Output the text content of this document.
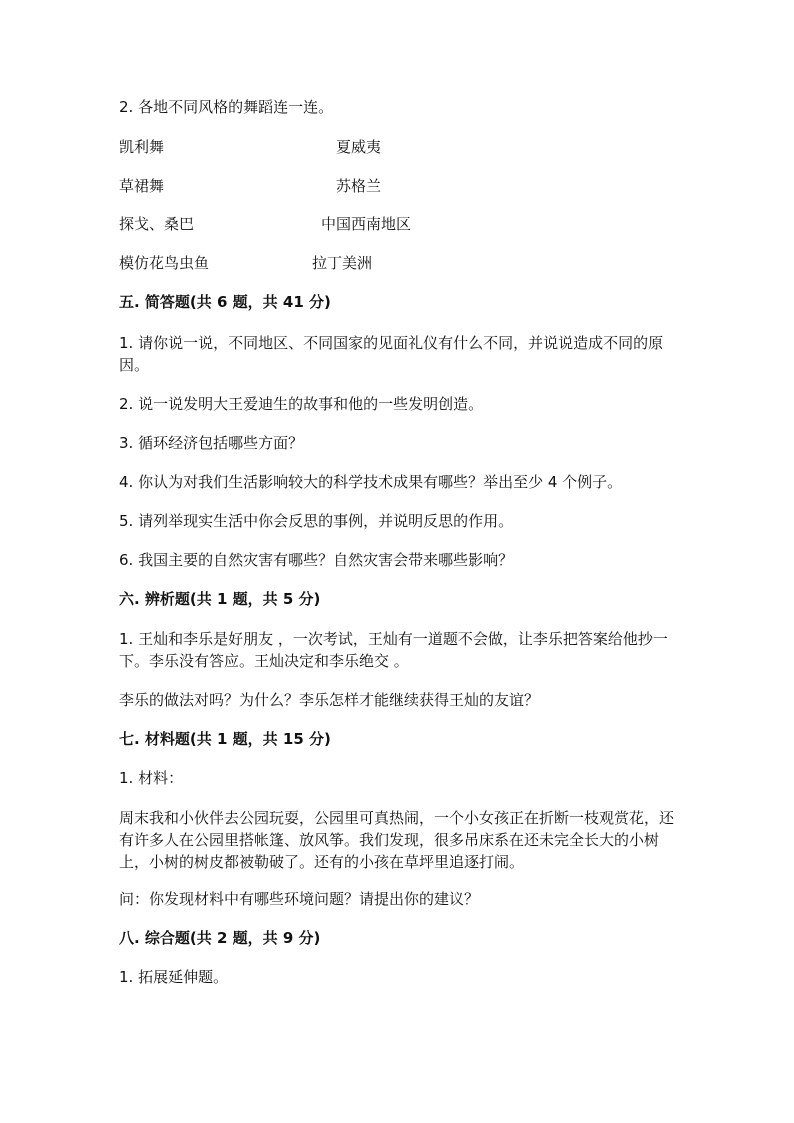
2. 各地不同风格的舞蹈连一连。
凯利舞	夏威夷
草裙舞	苏格兰
探戈、桑巴	中国西南地区
模仿花鸟虫鱼	拉丁美洲
五. 简答题(共 6 题，共 41 分)
1. 请你说一说，不同地区、不同国家的见面礼仪有什么不同，并说说造成不同的原因。
2. 说一说发明大王爱迪生的故事和他的一些发明创造。
3. 循环经济包括哪些方面？
4. 你认为对我们生活影响较大的科学技术成果有哪些？举出至少 4 个例子。
5. 请列举现实生活中你会反思的事例，并说明反思的作用。
6. 我国主要的自然灾害有哪些？自然灾害会带来哪些影响？
六. 辨析题(共 1 题，共 5 分)
1. 王灿和李乐是好朋友 ，一次考试，王灿有一道题不会做，让李乐把答案给他抄一下。李乐没有答应。王灿决定和李乐绝交 。
李乐的做法对吗？为什么？李乐怎样才能继续获得王灿的友谊？
七. 材料题(共 1 题，共 15 分)
1. 材料：
周末我和小伙伴去公园玩耍，公园里可真热闹，一个小女孩正在折断一枝观赏花，还有许多人在公园里搭帐篷、放风筝。我们发现，很多吊床系在还未完全长大的小树上，小树的树皮都被勒破了。还有的小孩在草坪里追逐打闹。
问：你发现材料中有哪些环境问题？请提出你的建议？
八. 综合题(共 2 题，共 9 分)
1. 拓展延伸题。
